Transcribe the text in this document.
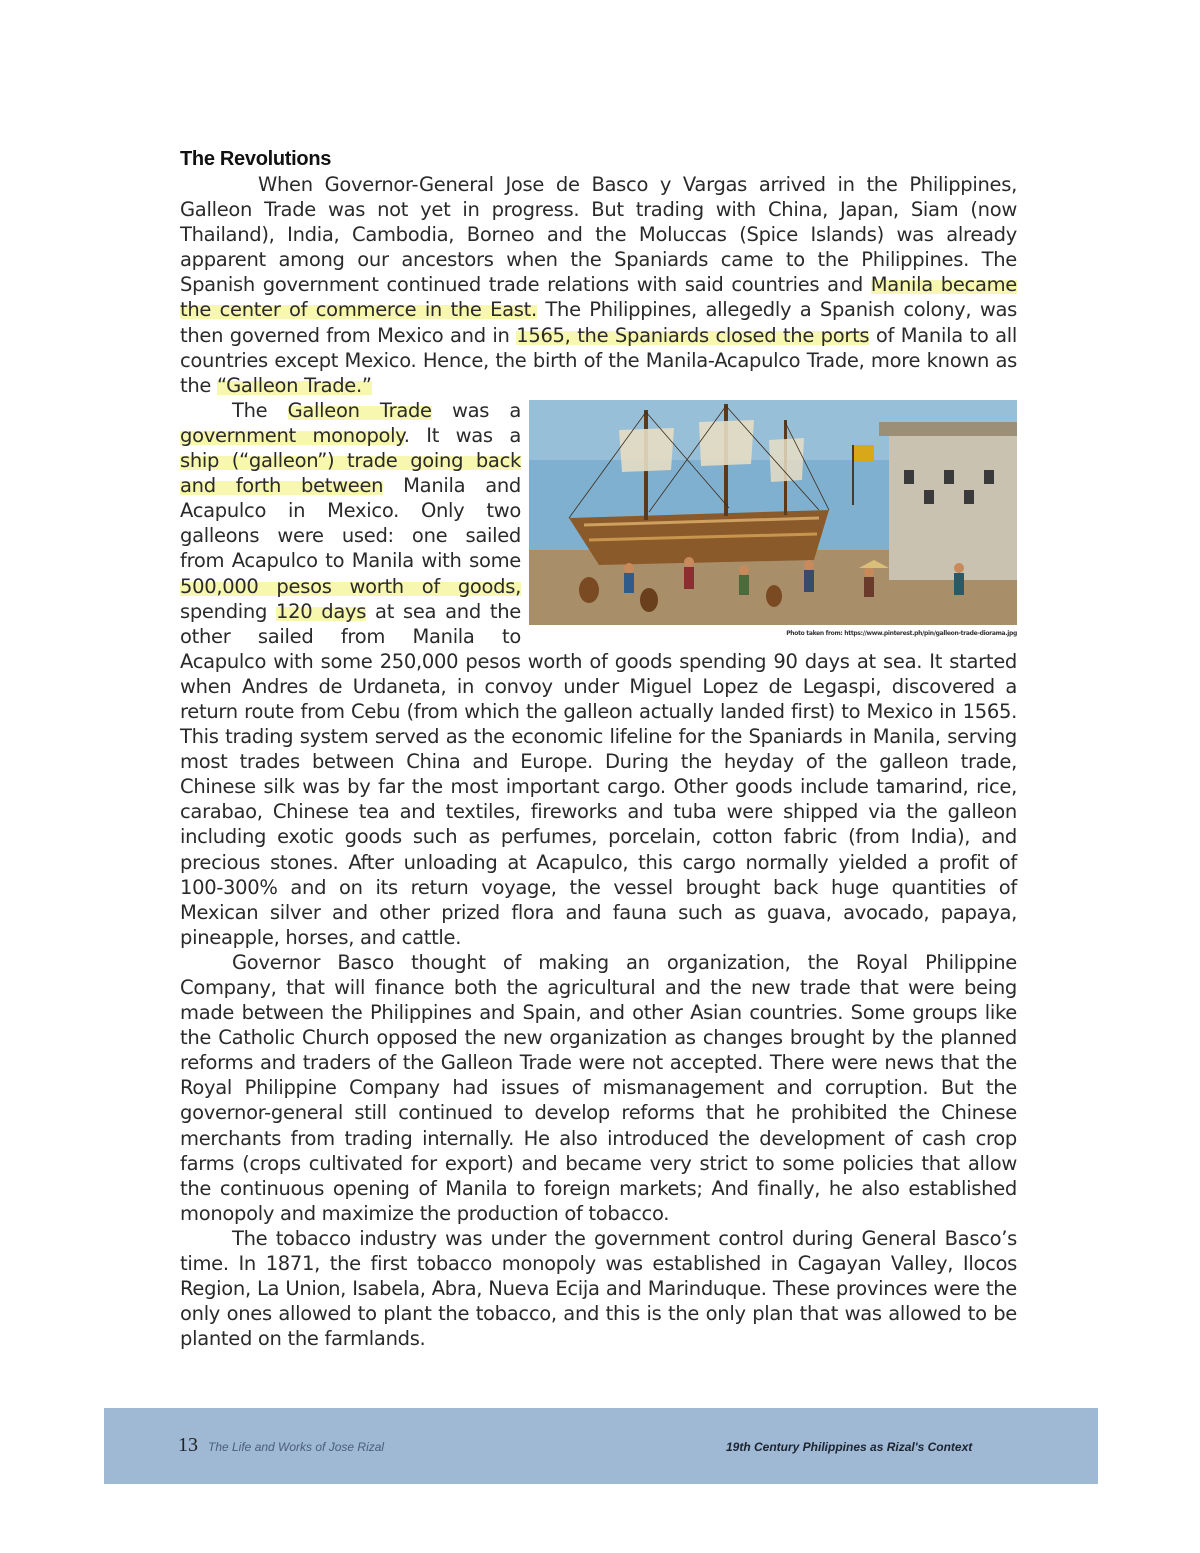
The Revolutions

When Governor-General Jose de Basco y Vargas arrived in the Philippines, Galleon Trade was not yet in progress. But trading with China, Japan, Siam (now Thailand), India, Cambodia, Borneo and the Moluccas (Spice Islands) was already apparent among our ancestors when the Spaniards came to the Philippines. The Spanish government continued trade relations with said countries and Manila became the center of commerce in the East. The Philippines, allegedly a Spanish colony, was then governed from Mexico and in 1565, the Spaniards closed the ports of Manila to all countries except Mexico. Hence, the birth of the Manila-Acapulco Trade, more known as the “Galleon Trade.”

Photo taken from: https://www.pinterest.ph/pin/galleon-trade-diorama.jpg

The Galleon Trade was a government monopoly. It was a ship (“galleon”) trade going back and forth between Manila and Acapulco in Mexico. Only two galleons were used: one sailed from Acapulco to Manila with some 500,000 pesos worth of goods, spending 120 days at sea and the other sailed from Manila to Acapulco with some 250,000 pesos worth of goods spending 90 days at sea. It started when Andres de Urdaneta, in convoy under Miguel Lopez de Legaspi, discovered a return route from Cebu (from which the galleon actually landed first) to Mexico in 1565. This trading system served as the economic lifeline for the Spaniards in Manila, serving most trades between China and Europe. During the heyday of the galleon trade, Chinese silk was by far the most important cargo. Other goods include tamarind, rice, carabao, Chinese tea and textiles, fireworks and tuba were shipped via the galleon including exotic goods such as perfumes, porcelain, cotton fabric (from India), and precious stones. After unloading at Acapulco, this cargo normally yielded a profit of 100-300% and on its return voyage, the vessel brought back huge quantities of Mexican silver and other prized flora and fauna such as guava, avocado, papaya, pineapple, horses, and cattle.

Governor Basco thought of making an organization, the Royal Philippine Company, that will finance both the agricultural and the new trade that were being made between the Philippines and Spain, and other Asian countries. Some groups like the Catholic Church opposed the new organization as changes brought by the planned reforms and traders of the Galleon Trade were not accepted. There were news that the Royal Philippine Company had issues of mismanagement and corruption. But the governor-general still continued to develop reforms that he prohibited the Chinese merchants from trading internally. He also introduced the development of cash crop farms (crops cultivated for export) and became very strict to some policies that allow the continuous opening of Manila to foreign markets; And finally, he also established monopoly and maximize the production of tobacco.

The tobacco industry was under the government control during General Basco’s time. In 1871, the first tobacco monopoly was established in Cagayan Valley, Ilocos Region, La Union, Isabela, Abra, Nueva Ecija and Marinduque. These provinces were the only ones allowed to plant the tobacco, and this is the only plan that was allowed to be planted on the farmlands.

13 The Life and Works of Jose Rizal	19th Century Philippines as Rizal's Context
